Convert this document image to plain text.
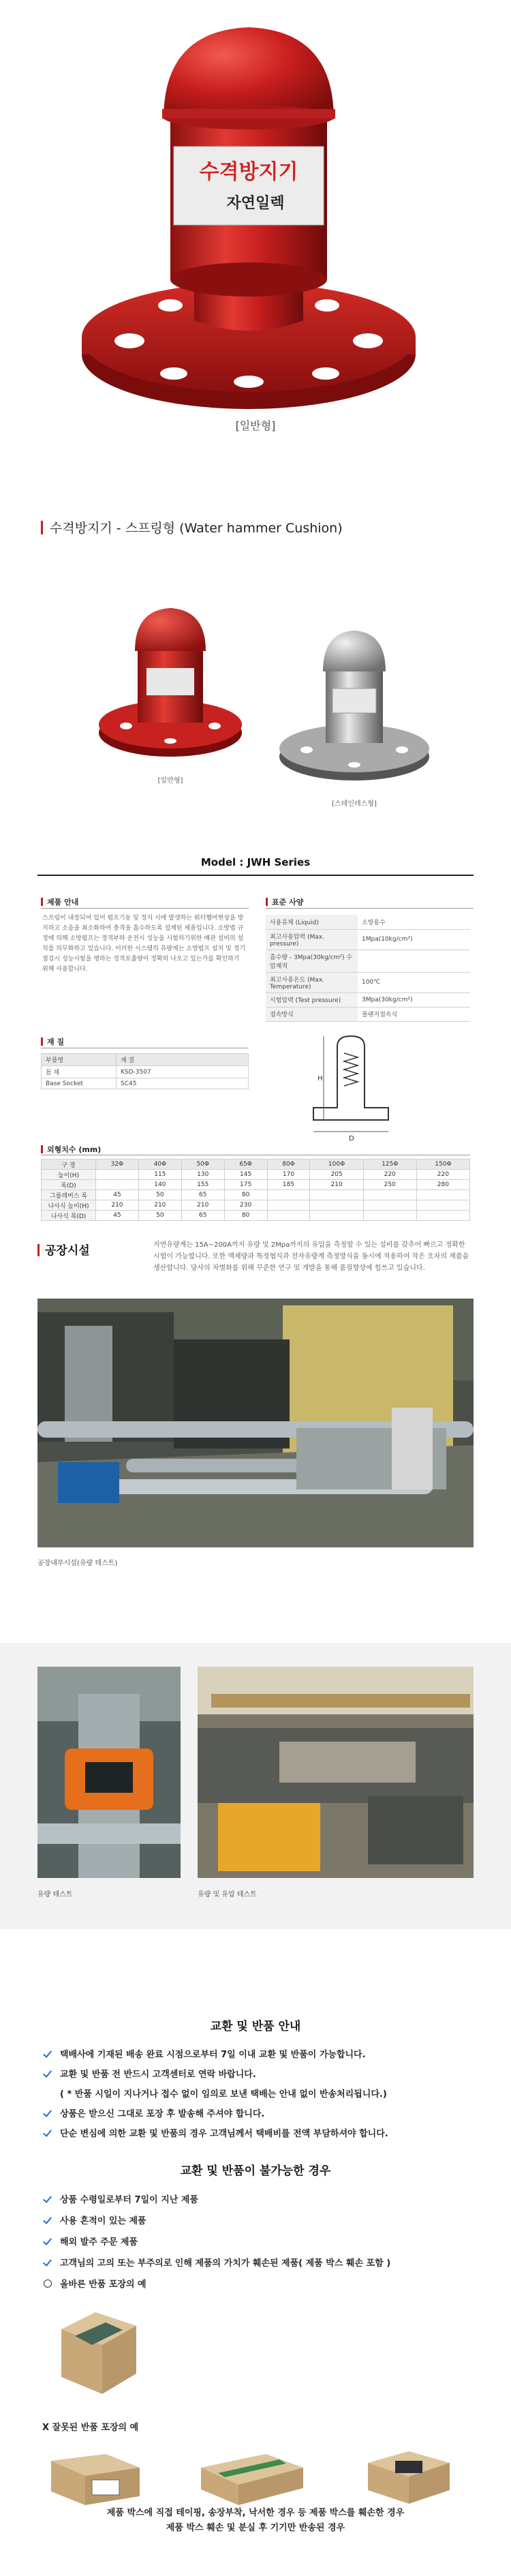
수격방지기
자연일렉
[일반형]
수격방지기 - 스프링형 (Water hammer Cushion)
[일반형]
[스테인레스형]
Model : JWH Series
제품 안내
스프링이 내장되어 있어 펌프기동 및 정지 시에 발생하는 워터햄머현상을 방지하고 소음을 최소화하여 충격을 흡수하도록 설계된 제품입니다. 소방법 규정에 의해 소방펌프는 정격부하 운전시 성능을 시험하기위한 배관 설비의 설치를 의무화하고 있습니다. 이러한 시스템의 유량계는 소방펌프 설치 및 정기점검시 성능시험을 행하는 정격토출량이 정확히 나오고 있는가를 확인하기 위해 사용합니다.
표준 사양
사용유체 (Liquid)	소방용수
최고사용압력 (Max. pressure)	1Mpa(10kg/cm²)
흡수량 - 3Mpa(30kg/cm²) 수압체적	
최고사용온도 (Max. Temperature)	100℃
시험압력 (Test pressure)	3Mpa(30kg/cm²)
접속방식	플랜지접속식
재 질
부품명	재 질
몸 체	KSD-3507
Base Socket	SC45
H
D
외형치수 (mm)
구 경	32Φ	40Φ	50Φ	65Φ	80Φ	100Φ	125Φ	150Φ
높이(H)		115	130	145	170	205	220	220
폭(D)		140	155	175	185	210	250	280
그룹레버스 폭	45	50	65	80				
나사식 높이(H)	210	210	210	230				
나사식 폭(D)	45	50	65	80				
공장시설	자연유량계는 15A~200A까지 유량 및 2Mpa까지의 유압을 측정할 수 있는 설비를 갖추어 빠르고 정확한 시험이 가능합니다. 또한 액체량과 특정협식과 전자유량계 측정방식을 동시에 적용하여 작은 오차의 제품을 생산합니다. 당사의 차별화를 위해 꾸준한 연구 및 개발을 통해 품질향상에 힘쓰고 있습니다.
공장내부시설(유량 테스트)
유량 테스트	유량 및 유압 테스트
교환 및 반품 안내
택배사에 기재된 배송 완료 시점으로부터 7일 이내 교환 및 반품이 가능합니다.
교환 및 반품 전 반드시 고객센터로 연락 바랍니다.
( * 반품 시일이 지나거나 접수 없이 임의로 보낸 택배는 안내 없이 반송처리됩니다.)
상품은 받으신 그대로 포장 후 발송해 주셔야 합니다.
단순 변심에 의한 교환 및 반품의 경우 고객님께서 택배비를 전액 부담하셔야 합니다.
교환 및 반품이 불가능한 경우
상품 수령일로부터 7일이 지난 제품
사용 흔적이 있는 제품
해외 발주 주문 제품
고객님의 고의 또는 부주의로 인해 제품의 가치가 훼손된 제품( 제품 박스 훼손 포함 )
올바른 반품 포장의 예
X 잘못된 반품 포장의 예
제품 박스에 직접 테이핑, 송장부착, 낙서한 경우 등 제품 박스를 훼손한 경우
제품 박스 훼손 및 분실 후 기기만 반송된 경우
